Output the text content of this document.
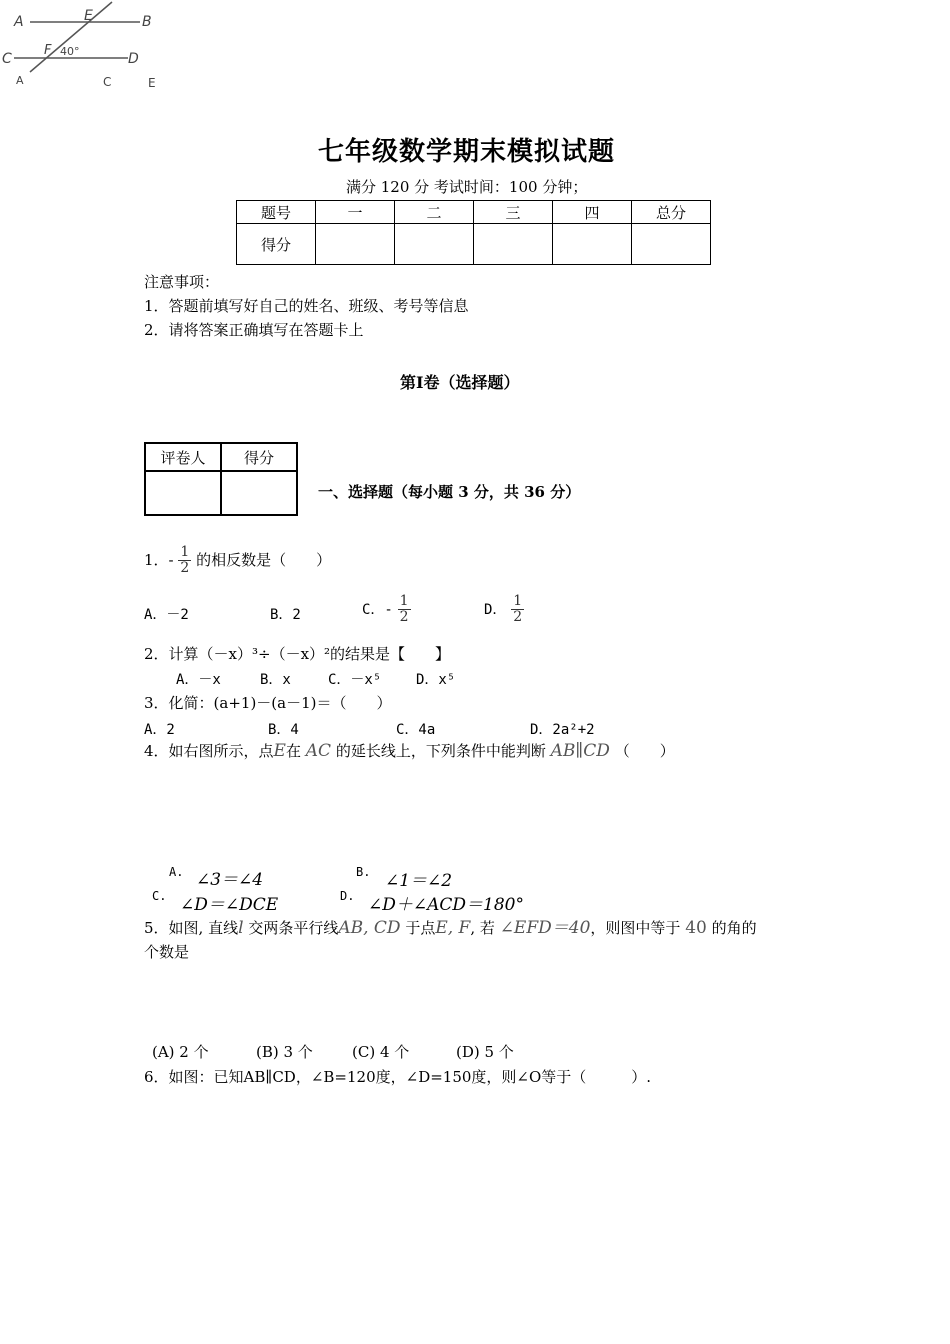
A	E	B
C
F 40°	D
A	C	E
七年级数学期末模拟试题
满分 120 分 考试时间：100 分钟；
题号	一	二	三	四	总分
得分					
注意事项：
1．答题前填写好自己的姓名、班级、考号等信息
2．请将答案正确填写在答题卡上
第Ⅰ卷（选择题）
评卷人	得分

一、选择题（每小题 3 分，共 36 分）
1．- $\frac{1}{2}$ 的相反数是（　　）
A．－2	B．2	C．- $\frac{1}{2}$	D． $\frac{1}{2}$
2．计算（－x）³÷（－x）²的结果是【　　】
A．－x	B．x	C．－x⁵ D．x⁵
3．化简：(a+1)－(a－1)＝（　　）
A．2	B．4	C．4a	D．2a²+2
4．如右图所示，点E在 AC 的延长线上，下列条件中能判断 AB∥CD （　　）
A. ∠3＝∠4	B. ∠1＝∠2
C. ∠D＝∠DCE	D. ∠D＋∠ACD＝180°
5．如图, 直线l 交两条平行线AB, CD 于点E, F, 若 ∠EFD＝40，则图中等于 40 的角的
个数是
(A) 2 个	(B) 3 个	(C) 4 个	(D) 5 个
6．如图：已知AB∥CD，∠B=120度，∠D=150度，则∠O等于（　　　）.
